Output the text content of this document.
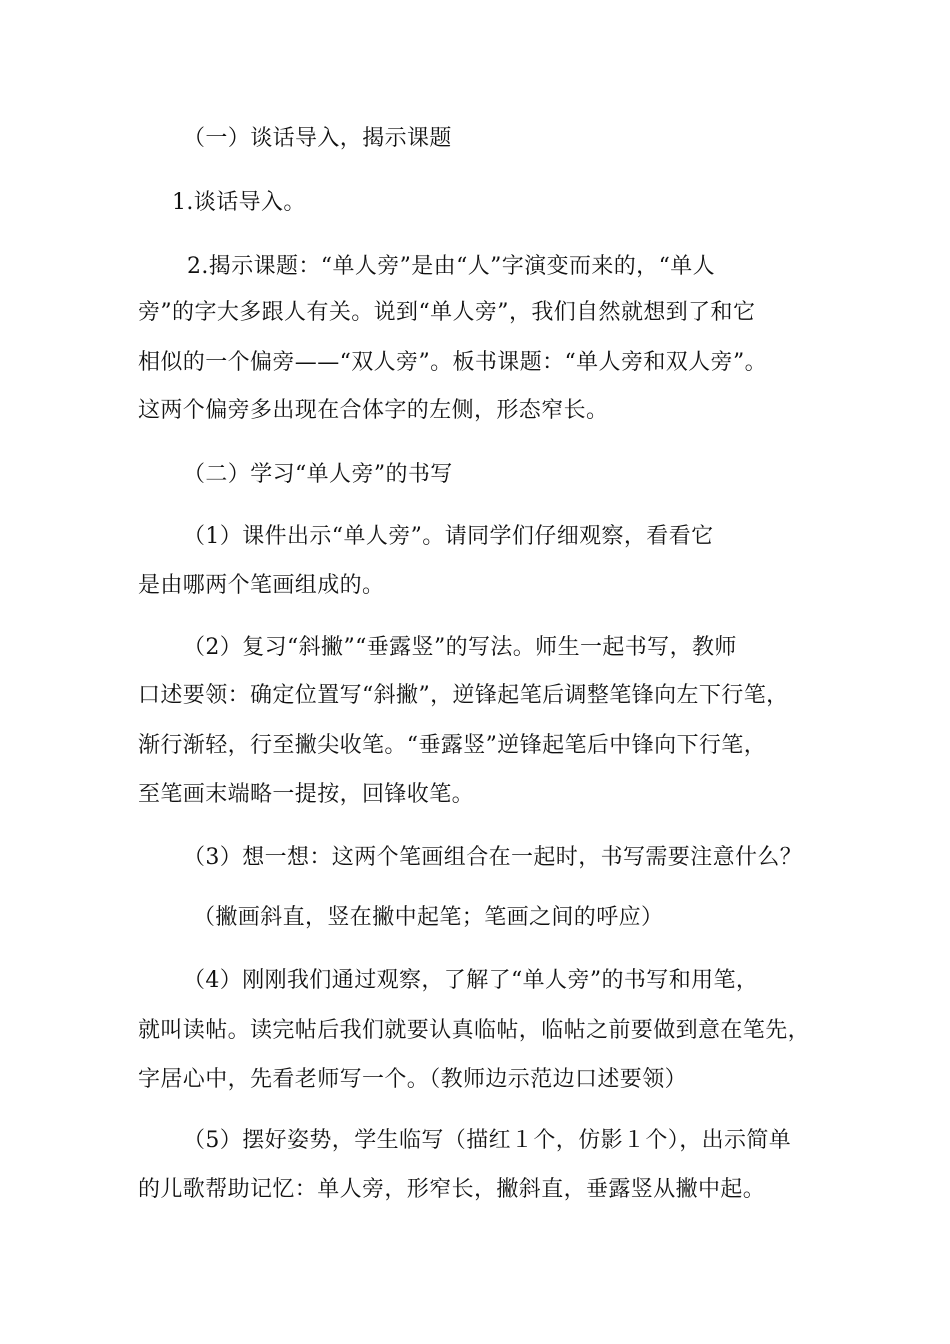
（一）谈话导入，揭示课题
1.谈话导入。
2.揭示课题：“单人旁”是由“人”字演变而来的，“单人
旁”的字大多跟人有关。说到“单人旁”，我们自然就想到了和它
相似的一个偏旁——“双人旁”。板书课题：“单人旁和双人旁”。
这两个偏旁多出现在合体字的左侧，形态窄长。
（二）学习“单人旁”的书写
（1）课件出示“单人旁”。请同学们仔细观察，看看它
是由哪两个笔画组成的。
（2）复习“斜撇”“垂露竖”的写法。师生一起书写，教师
口述要领：确定位置写“斜撇”，逆锋起笔后调整笔锋向左下行笔，
渐行渐轻，行至撇尖收笔。“垂露竖”逆锋起笔后中锋向下行笔，
至笔画末端略一提按，回锋收笔。
（3）想一想：这两个笔画组合在一起时，书写需要注意什么？
（撇画斜直，竖在撇中起笔；笔画之间的呼应）
（4）刚刚我们通过观察，了解了“单人旁”的书写和用笔，
就叫读帖。读完帖后我们就要认真临帖，临帖之前要做到意在笔先，
字居心中，先看老师写一个。（教师边示范边口述要领）
（5）摆好姿势，学生临写（描红１个，仿影１个），出示简单
的儿歌帮助记忆：单人旁，形窄长，撇斜直，垂露竖从撇中起。
